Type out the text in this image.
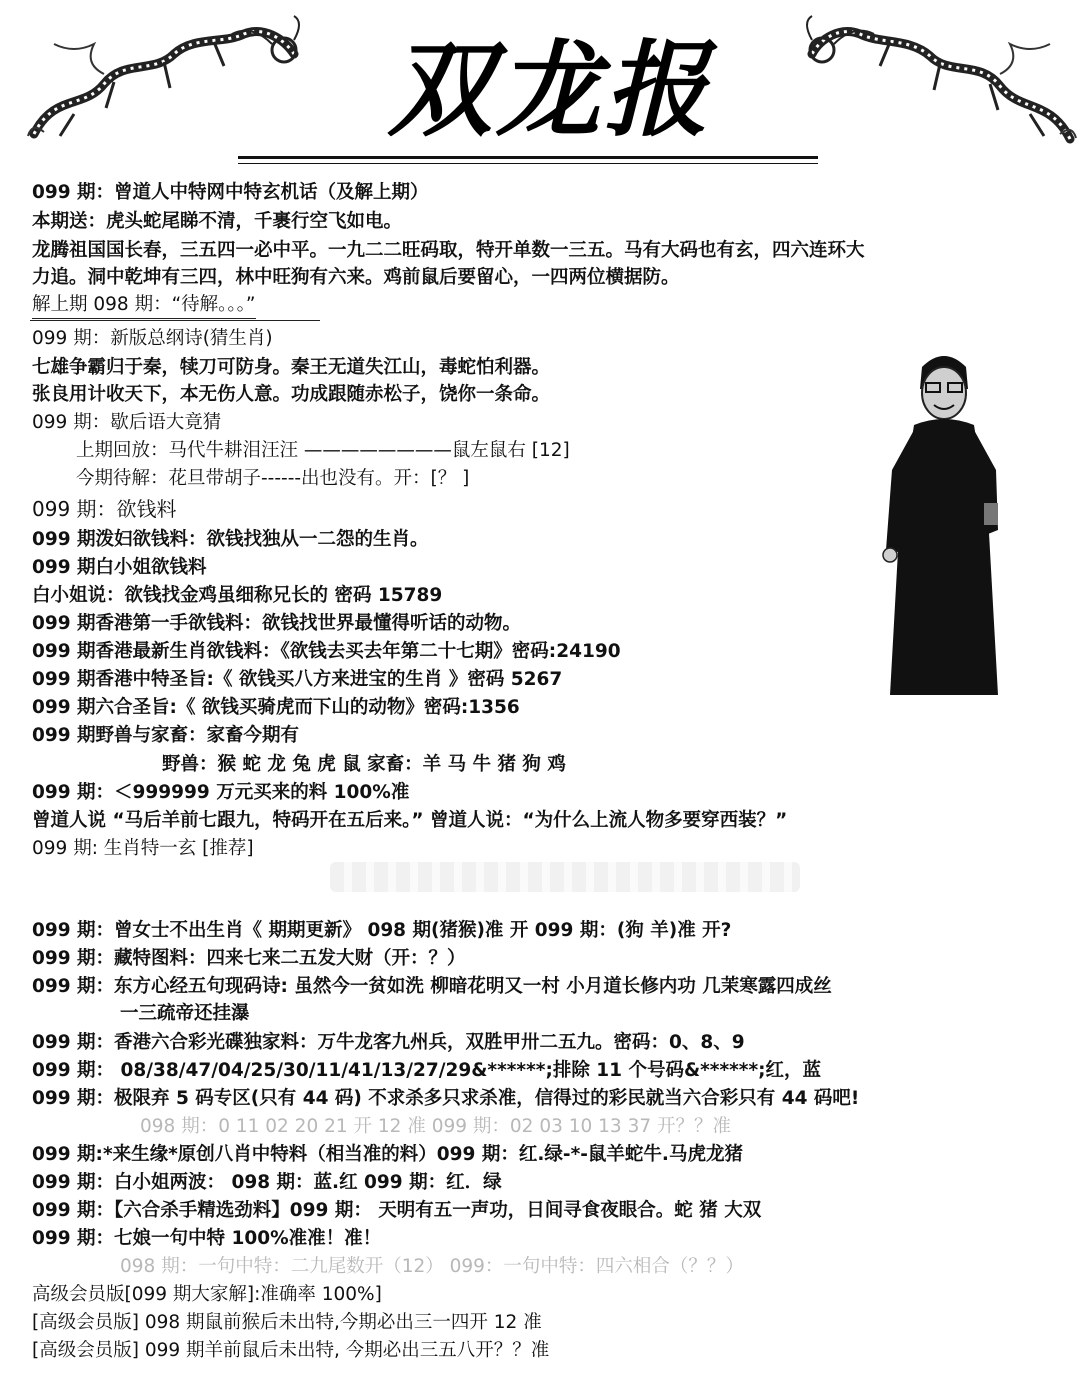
双龙报
099 期：曾道人中特网中特玄机话（及解上期）
本期送：虎头蛇尾睇不清，千裹行空飞如电。
龙腾祖国国长春，三五四一必中平。一九二二旺码取，特开单数一三五。马有大码也有玄，四六连环大
力追。洞中乾坤有三四，林中旺狗有六来。鸡前鼠后要留心，一四两位横据防。
解上期 098 期：“待解。。。”
099 期：新版总纲诗(猜生肖)
七雄争霸归于秦，犊刀可防身。秦王无道失江山，毒蛇怕利器。
张良用计收天下，本无伤人意。功成跟随赤松子，饶你一条命。
099 期：歇后语大竟猜
上期回放：马代牛耕泪汪汪 ————————鼠左鼠右 [12]
今期待解：花旦带胡子------出也没有。开：[？ ]
099 期：欲钱料
099 期泼妇欲钱料：欲钱找独从一二怨的生肖。
099 期白小姐欲钱料
白小姐说：欲钱找金鸡虽细称兄长的 密码 15789
099 期香港第一手欲钱料：欲钱找世界最懂得听话的动物。
099 期香港最新生肖欲钱料：《欲钱去买去年第二十七期》密码:24190
099 期香港中特圣旨:《 欲钱买八方来进宝的生肖 》密码 5267
099 期六合圣旨:《 欲钱买骑虎而下山的动物》密码:1356
099 期野兽与家畜：家畜今期有
野兽：猴 蛇 龙 兔 虎 鼠 家畜：羊 马 牛 猪 狗 鸡
099 期：＜999999 万元买来的料 100%准
曾道人说 “马后羊前七跟九，特码开在五后来。” 曾道人说：“为什么上流人物多要穿西装？”
099 期: 生肖特一玄 [推荐]
099 期：曾女士不出生肖《 期期更新》 098 期(猪猴)准 开 099 期：(狗 羊)准 开?
099 期：藏特图料：四来七来二五发大财（开：？）
099 期：东方心经五句现码诗: 虽然今一贫如洗 柳暗花明又一村 小月道长修内功 几茉寒露四成丝
一三疏帝还挂瀑
099 期：香港六合彩光碟独家料：万牛龙客九州兵，双胜甲卅二五九。密码：0、8、9
099 期： 08/38/47/04/25/30/11/41/13/27/29&******;排除 11 个号码&******;红，蓝
099 期：极限弃 5 码专区(只有 44 码) 不求杀多只求杀准，信得过的彩民就当六合彩只有 44 码吧!
098 期：0 11 02 20 21 开 12 准 099 期：02 03 10 13 37 开？？准
099 期:*来生缘*原创八肖中特料（相当准的料）099 期：红.绿-*-鼠羊蛇牛.马虎龙猪
099 期：白小姐两波： 098 期：蓝.红 099 期：红．绿
099 期：【六合杀手精选劲料】099 期： 天明有五一声功，日间寻食夜眼合。蛇 猪 大双
099 期：七娘一句中特 100%准准！准！
098 期：一句中特：二九尾数开（12） 099：一句中特：四六相合（？？）
高级会员版[099 期大家解]:准确率 100%]
[高级会员版] 098 期鼠前猴后未出特,今期必出三一四开 12 准
[高级会员版] 099 期羊前鼠后未出特, 今期必出三五八开？？准
